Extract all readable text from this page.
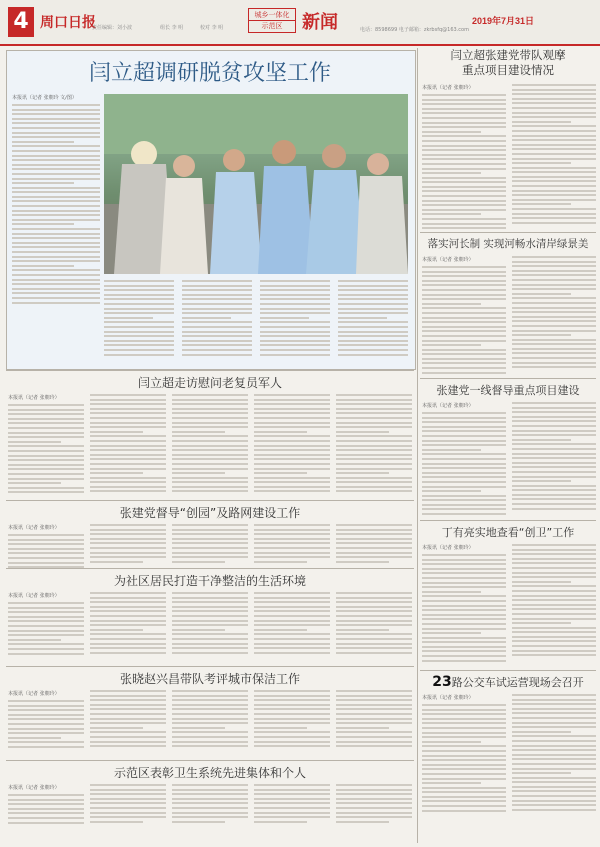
4 周口日报
责任编辑：刘小波	组长 李 明	校对 李 明
城乡一体化
示范区	新闻	电话：8598699 电子邮箱：zkrbsfq@163.com
2019年7月31日
闫立超调研脱贫攻坚工作
本报讯（记者 张朝玲 文/图）
闫立超张建党带队观摩
重点项目建设情况
本报讯（记者 张朝玲）
落实河长制 实现河畅水清岸绿景美
本报讯（记者 张朝玲）
张建党一线督导重点项目建设
本报讯（记者 张朝玲）
闫立超走访慰问老复员军人
本报讯（记者 张朝玲）
张建党督导“创园”及路网建设工作
本报讯（记者 张朝玲）	丁有亮实地查看“创卫”工作
本报讯（记者 张朝玲）
为社区居民打造干净整洁的生活环境
本报讯（记者 张朝玲）
张晓赵兴昌带队考评城市保洁工作
本报讯（记者 张朝玲）
23路公交车试运营现场会召开
本报讯（记者 张朝玲）
示范区表彰卫生系统先进集体和个人
本报讯（记者 张朝玲）
